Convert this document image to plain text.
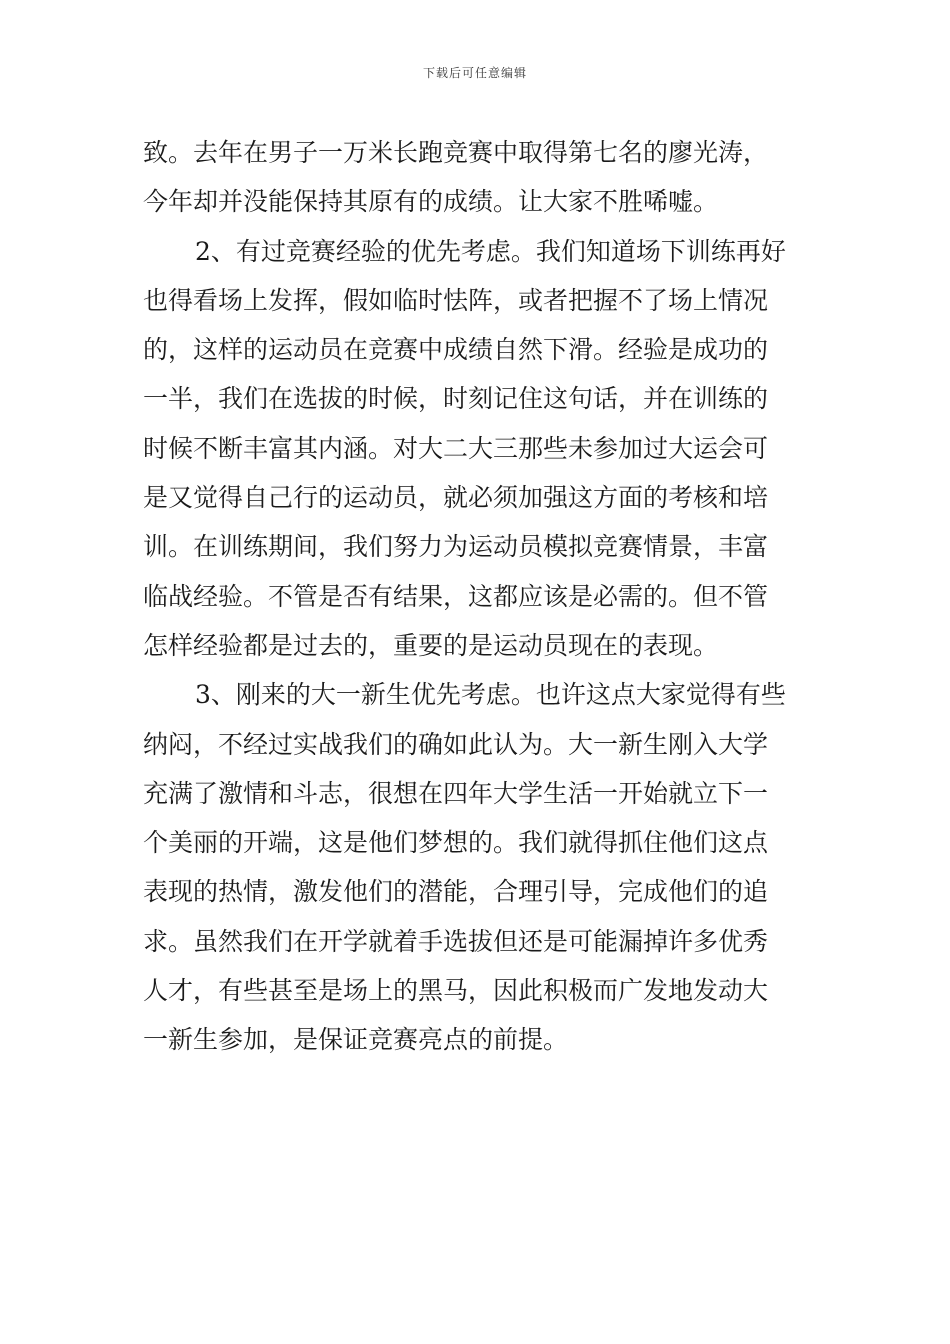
下载后可任意编辑
致。去年在男子一万米长跑竞赛中取得第七名的廖光涛，
今年却并没能保持其原有的成绩。让大家不胜唏嘘。
2、有过竞赛经验的优先考虑。我们知道场下训练再好
也得看场上发挥，假如临时怯阵，或者把握不了场上情况
的，这样的运动员在竞赛中成绩自然下滑。经验是成功的
一半，我们在选拔的时候，时刻记住这句话，并在训练的
时候不断丰富其内涵。对大二大三那些未参加过大运会可
是又觉得自己行的运动员，就必须加强这方面的考核和培
训。在训练期间，我们努力为运动员模拟竞赛情景，丰富
临战经验。不管是否有结果，这都应该是必需的。但不管
怎样经验都是过去的，重要的是运动员现在的表现。
3、刚来的大一新生优先考虑。也许这点大家觉得有些
纳闷，不经过实战我们的确如此认为。大一新生刚入大学
充满了激情和斗志，很想在四年大学生活一开始就立下一
个美丽的开端，这是他们梦想的。我们就得抓住他们这点
表现的热情，激发他们的潜能，合理引导，完成他们的追
求。虽然我们在开学就着手选拔但还是可能漏掉许多优秀
人才，有些甚至是场上的黑马，因此积极而广发地发动大
一新生参加，是保证竞赛亮点的前提。
